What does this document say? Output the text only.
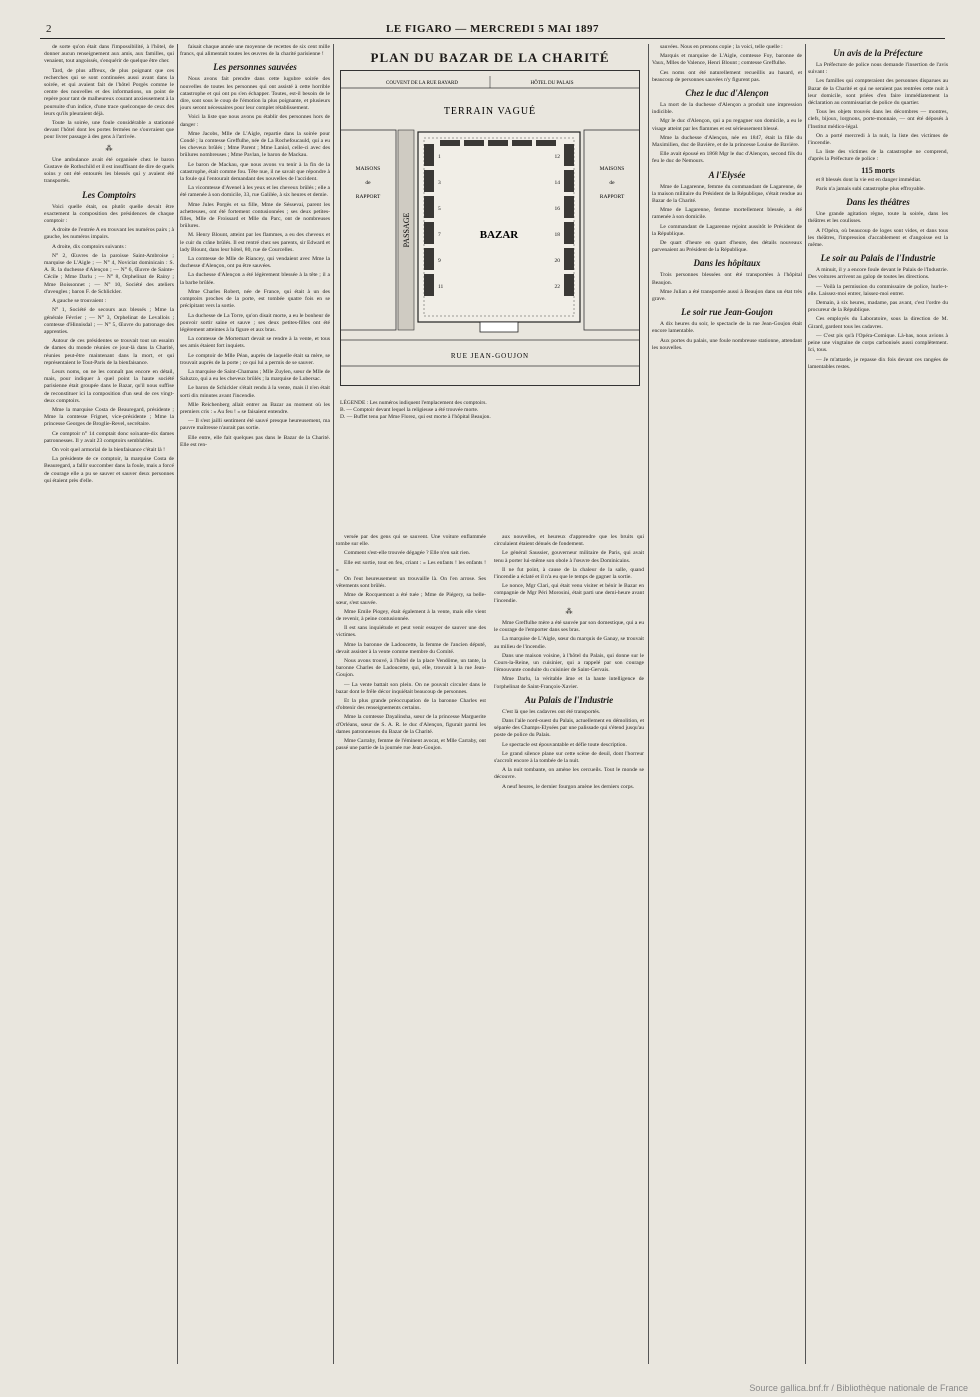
2	LE FIGARO — MERCREDI 5 MAI 1897

de sorte qu'on était dans l'impossibilité, à l'hôtel, de donner aucun renseignement aux amis, aux familles, qui venaient, tout angoissés, s'enquérir de quelque être cher.

Tard, de plus affreux, de plus poignant que ces recherches qui se sont continuées aussi avant dans la soirée, et qui avaient fait de l'hôtel Porgès comme le centre des nouvelles et des informations, un point de repère pour tant de malheureux courant anxieusement à la poursuite d'un indice, d'une trace quelconque de ceux des leurs qu'ils pleuraient déjà.

Toute la soirée, une foule considérable a stationné devant l'hôtel dont les portes fermées ne s'ouvraient que pour livrer passage à des gens à l'arrivée.

⁂

Une ambulance avait été organisée chez le baron Gustave de Rothschild et il est insuffisant de dire de quels soins y ont été entourés les blessés qui y avaient été transportés.

Les Comptoirs

Voici quelle était, ou plutôt quelle devait être exactement la composition des présidences de chaque comptoir :

A droite de l'entrée A en trouvant les numéros pairs ; à gauche, les numéros impairs.

A droite, dix comptoirs suivants :

N° 2, Œuvres de la paroisse Saint-Ambroise ; marquise de L'Aigle ; — N° 4, Noviciat dominicain : S. A. R. la duchesse d'Alençon ; — N° 6, Œuvre de Sainte-Cécile ; Mme Darlu ; — N° 8, Orphelinat de Rainy ; Mme Boissonnet ; — N° 10, Société des ateliers d'aveugles ; baron F. de Schlickler.

A gauche se trouvaient :

N° 1, Société de secours aux blessés ; Mme la générale Février ; — N° 3, Orphelinat de Levallois ; comtesse d'Hinnisdal ; — N° 5, Œuvre du patronage des apprenties.

Autour de ces présidentes se trouvait tout un essaim de dames du monde réunies ce jour-là dans la Charité, réunies peut-être maintenant dans la mort, et qui représentaient le Tout-Paris de la bienfaisance.

Leurs noms, on ne les connaît pas encore en détail, mais, pour indiquer à quel point la haute société parisienne était groupée dans le Bazar, qu'il nous suffise de reconstituer ici la composition d'un seul de ces vingt-deux comptoirs.

Mme la marquise Costa de Beauregard, présidente ; Mme la comtesse Frignet, vice-présidente ; Mme la princesse Georges de Broglie-Revel, secrétaire.

Ce comptoir n° 14 comptait donc soixante-dix dames patronnesses. Il y avait 23 comptoirs semblables.

On voit quel armorial de la bienfaisance c'était là !

La présidente de ce comptoir, la marquise Costa de Beauregard, a fallir succomber dans la foule, mais a forcé de courage elle a pu se sauver et sauver deux personnes qui étaient près d'elle.

faisait chaque année une moyenne de recettes de six cent mille francs, qui alimentait toutes les œuvres de la charité parisienne !

Les personnes sauvées

Nous avons fait prendre dans cette lugubre soirée des nouvelles de toutes les personnes qui ont assisté à cette horrible catastrophe et qui ont pu s'en échapper. Toutes, est-il besoin de le dire, sont sous le coup de l'émotion la plus poignante, et plusieurs jours seront nécessaires pour leur complet rétablissement.

Voici la liste que nous avons pu établir des personnes hors de danger :

Mme Jacobs, Mlle de L'Aigle, repartie dans la soirée pour Condé ; la comtesse Greffulhe, née de La Rochefoucauld, qui a eu les cheveux brûlés ; Mme Parent ; Mme Laniol, celle-ci avec des brûlures nombreuses ; Mme Pavlan, le baron de Mackau.

Le baron de Mackau, que nous avons vu tenir à la fin de la catastrophe, était comme fou. Tête nue, il ne savait que répondre à la foule qui l'entourait demandant des nouvelles de l'accident.

La vicomtesse d'Avenel à les yeux et les cheveux brûlés ; elle a été ramenée à son domicile, 33, rue Galilée, à six heures et demie.

Mme Jules Porgès et sa fille, Mme de Séssevai, parent les achetteuses, ont été fortement contusionnées ; ses deux petites-filles, Mlle de Froissard et Mlle du Parc, ont de nombreuses brûlures.

M. Henry Blount, atteint par les flammes, a eu des cheveux et le cuir du crâne brûlés. Il est rentré chez ses parents, sir Edward et lady Blount, dans leur hôtel, 80, rue de Courcelles.

La comtesse de Mlle de Riancey, qui vendaient avec Mme la duchesse d'Alençon, ont pu être sauvées.

La duchesse d'Alençon a été légèrement blessée à la tête ; il a la barbe brûlée.

Mme Charles Robert, née de France, qui était à un des comptoirs proches de la porte, est tombée quatre fois en se précipitant vers la sortie.

La duchesse de La Torre, qu'on disait morte, a eu le bonheur de pouvoir sortir saine et sauve ; ses deux petites-filles ont été légèrement atteintes à la figure et aux bras.

La comtesse de Mortemart devait se rendre à la vente, et tous ses amis étaient fort inquiets.

Le comptoir de Mlle Péan, auprès de laquelle était sa mère, se trouvait auprès de la porte ; ce qui lui a permis de se sauver.

La marquise de Saint-Chamans ; Mlle Zuylen, sœur de Mlle de Saluzzo, qui a eu les cheveux brûlés ; la marquise de Lubersac.

Le baron de Schickler s'était rendu à la vente, mais il n'en était sorti dix minutes avant l'incendie.

Mlle Reichenberg allait entrer au Bazar au moment où les premiers cris : « Au feu ! » se faisaient entendre.

— Il s'est jailli sentiment été sauvé presque heureusement, ma pauvre maîtresse n'aurait pas sortie.

Elle entre, elle fait quelques pas dans le Bazar de la Charité. Elle est ren-

PLAN DU BAZAR DE LA CHARITÉ
COUVENT DE LA RUE BAYARD	HÔTEL DU PALAIS
TERRAIN VAGUÉ
MAISONS de RAPPORT
MAISONS de RAPPORT
PASSAGE
1
3
5
7
9
11
12
14
16
18
20
22
BAZAR
RUE JEAN-GOUJON
LÉGENDE : Les numéros indiquent l'emplacement des comptoirs.
B. — Comptoir devant lequel la religieuse a été trouvée morte.
D. — Buffet tenu par Mme Florez, qui est morte à l'hôpital Beaujon.

versée par des gens qui se sauvent. Une voiture enflammée tombe sur elle.

Comment s'est-elle trouvée dégagée ? Elle n'en sait rien.

Elle est sortie, tout en feu, criant : « Les enfants ! les enfants ! »

On l'eut heureusement un trouvaille là. On l'en arrose. Ses vêtements sont brûlés.

Mme de Rocquemont a été tuée ; Mme de Piégery, sa belle-sœur, s'est sauvée.

Mme Emile Piogey, était également à la vente, mais elle vient de revenir, à peine contusionnée.

Il est sans inquiétude et peut venir essayer de sauver une des victimes.

Mme la baronne de Ladoucette, la femme de l'ancien député, devait assister à la vente comme membre du Comité.

Nous avons trouvé, à l'hôtel de la place Vendôme, un tante, la baronne Charles de Ladoucette, qui, elle, trouvait à la rue Jean-Goujon.

— La vente battait son plein. On ne pouvait circuler dans le bazar dont le frêle décor inquiétait beaucoup de personnes.

Et la plus grande préoccupation de la baronne Charles est d'obtenir des renseignements certains.

Mme la comtesse Dayalinsha, sœur de la princesse Marguerite d'Orléans, sœur de S. A. R. le duc d'Alençon, figurait parmi les dames patronnesses du Bazar de la Charité.

Mme Carraby, femme de l'éminent avocat, et Mlle Carraby, ont passé une partie de la journée rue Jean-Goujon.

aux nouvelles, et heureux d'apprendre que les bruits qui circulaient étaient dénués de fondement.

Le général Saussier, gouverneur militaire de Paris, qui avait tenu à porter lui-même son obole à l'œuvre des Dominicains.

Il ne fut point, à cause de la chaleur de la salle, quand l'incendie a éclaté et il n'a eu que le temps de gagner la sortie.

Le nonce, Mgr Clari, qui était venu visiter et bénir le Bazar en compagnie de Mgr Péri Morosini, était parti une demi-heure avant l'incendie.

⁂

Mme Greffulhe mère a été sauvée par son domestique, qui a eu le courage de l'emporter dans ses bras.

La marquise de L'Aigle, sœur du marquis de Ganay, se trouvait au milieu de l'incendie.

Dans une maison voisine, à l'hôtel du Palais, qui donne sur le Cours-la-Reine, un cuisinier, qui a rappelé par son courage l'émouvante conduite du cuisinier de Saint-Gervais.

Mme Darlu, la véritable âme et la haute intelligence de l'orphelinat de Saint-François-Xavier.

Au Palais de l'Industrie

C'est là que les cadavres ont été transportés.

Dans l'aile nord-ouest du Palais, actuellement en démolition, et séparée des Champs-Elysées par une palissade qui s'étend jusqu'au poste de police du Palais.

Le spectacle est épouvantable et défie toute description.

Le grand silence plane sur cette scène de deuil, dont l'horreur s'accroît encore à la tombée de la nuit.

A la nuit tombante, on amène les cercueils. Tout le monde se découvre.

A neuf heures, le dernier fourgon amène les derniers corps.

sauvées. Nous en prenons copie ; la voici, telle quelle :

Marquis et marquise de L'Aigle, comtesse Foy, baronne de Vaux, Mlles de Valence, Henri Blount ; comtesse Greffulhe.

Ces noms ont été naturellement recueillis au hasard, et beaucoup de personnes sauvées n'y figurent pas.

Chez le duc d'Alençon

La mort de la duchesse d'Alençon a produit une impression indicible.

Mgr le duc d'Alençon, qui a pu regagner son domicile, a eu le visage atteint par les flammes et est sérieusement blessé.

Mme la duchesse d'Alençon, née en 1847, était la fille du Maximilien, duc de Bavière, et de la princesse Louise de Bavière.

Elle avait épousé en 1868 Mgr le duc d'Alençon, second fils du feu le duc de Nemours.

A l'Elysée

Mme de Lagarenne, femme du commandant de Lagarenne, de la maison militaire du Président de la République, s'était rendue au Bazar de la Charité.

Mme de Lagarenne, femme mortellement blessée, a été ramenée à son domicile.

Le commandant de Lagarenne rejoint aussitôt le Président de la République.

De quart d'heure en quart d'heure, des détails nouveaux parvenaient au Président de la République.

Dans les hôpitaux

Trois personnes blessées ont été transportées à l'hôpital Beaujon.

Mme Julian a été transportée aussi à Beaujon dans un état très grave.

Le soir rue Jean-Goujon

A dix heures du soir, le spectacle de la rue Jean-Goujon était encore lamentable.

Aux portes du palais, une foule nombreuse stationne, attendant les nouvelles.

Un avis de la Préfecture

La Préfecture de police nous demande l'insertion de l'avis suivant :

Les familles qui compteraient des personnes disparues au Bazar de la Charité et qui ne seraient pas rentrées cette nuit à leur domicile, sont priées d'en faire immédiatement la déclaration au commissariat de police du quartier.

Tous les objets trouvés dans les décombres — montres, clefs, bijoux, lorgnons, porte-monnaie, — ont été déposés à l'Institut médico-légal.

On a porté mercredi à la nuit, la liste des victimes de l'incendie.

La liste des victimes de la catastrophe ne comprend, d'après la Préfecture de police :

115 morts

et 8 blessés dont la vie est en danger immédiat.

Paris n'a jamais subi catastrophe plus effroyable.

Dans les théâtres

Une grande agitation règne, toute la soirée, dans les théâtres et les coulisses.

A l'Opéra, où beaucoup de loges sont vides, et dans tous les théâtres, l'impression d'accablement et d'angoisse est la même.

Le soir au Palais de l'Industrie

A minuit, il y a encore foule devant le Palais de l'Industrie. Des voitures arrivent au galop de toutes les directions.

— Voilà la permission du commissaire de police, hurle-t-elle. Laissez-moi entrer, laissez-moi entrer.

Demain, à six heures, madame, pas avant, c'est l'ordre du procureur de la République.

Ces employés du Laboratoire, sous la direction de M. Girard, gardent tous les cadavres.

— C'est pis qu'à l'Opéra-Comique. Là-bas, nous avions à peine une vingtaine de corps carbonisés aussi complètement. Ici, tous.

— Je m'attarde, je repasse dix fois devant ces rangées de lamentables restes.

Source gallica.bnf.fr / Bibliothèque nationale de France
